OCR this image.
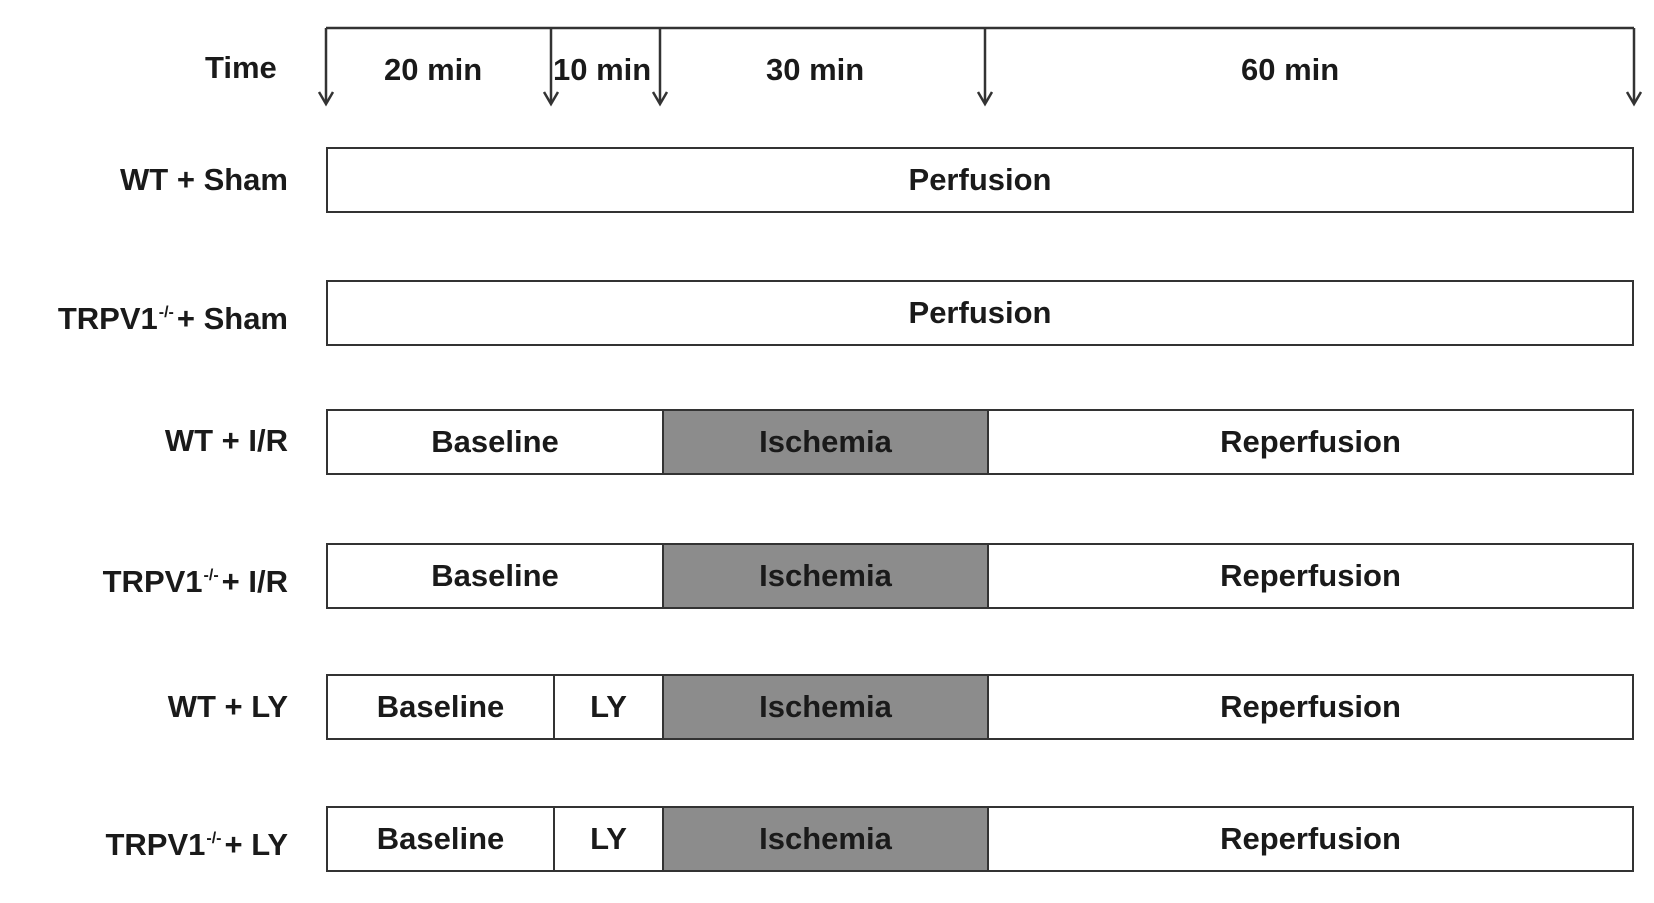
Time	20 min 10 min	30 min	60 min
WT + Sham	Perfusion
TRPV1-/-+ Sham	Perfusion
WT + I/R	Baseline	Ischemia	Reperfusion
TRPV1-/-+ I/R	Baseline	Ischemia	Reperfusion
WT + LY	Baseline	LY	Ischemia	Reperfusion
TRPV1-/-+ LY	Baseline	LY	Ischemia	Reperfusion
